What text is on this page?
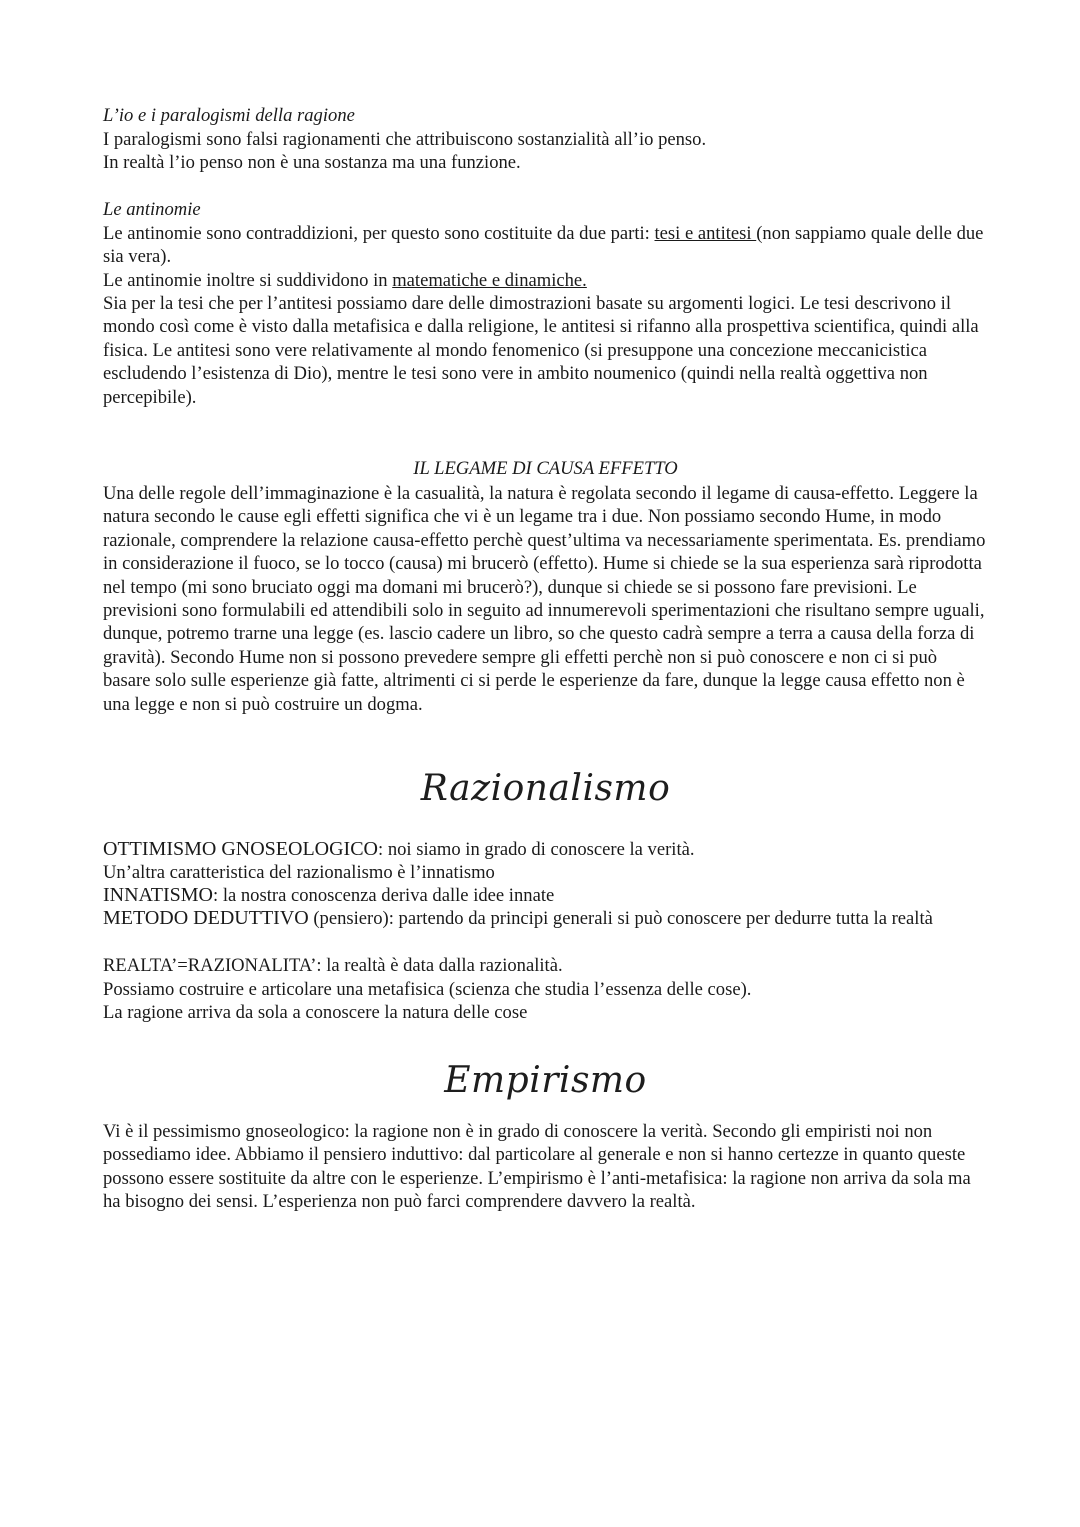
L’io e i paralogismi della ragione

I paralogismi sono falsi ragionamenti che attribuiscono sostanzialità all’io penso.

In realtà l’io penso non è una sostanza ma una funzione.

Le antinomie

Le antinomie sono contraddizioni, per questo sono costituite da due parti: tesi e antitesi (non sappiamo quale delle due sia vera).

Le antinomie inoltre si suddividono in matematiche e dinamiche.

Sia per la tesi che per l’antitesi possiamo dare delle dimostrazioni basate su argomenti logici. Le tesi descrivono il mondo così come è visto dalla metafisica e dalla religione, le antitesi si rifanno alla prospettiva scientifica, quindi alla fisica. Le antitesi sono vere relativamente al mondo fenomenico (si presuppone una concezione meccanicistica escludendo l’esistenza di Dio), mentre le tesi sono vere in ambito noumenico (quindi nella realtà oggettiva non percepibile).

IL LEGAME DI CAUSA EFFETTO

Una delle regole dell’immaginazione è la casualità, la natura è regolata secondo il legame di causa-effetto. Leggere la natura secondo le cause egli effetti significa che vi è un legame tra i due. Non possiamo secondo Hume, in modo razionale, comprendere la relazione causa-effetto perchè quest’ultima va necessariamente sperimentata. Es. prendiamo in considerazione il fuoco, se lo tocco (causa) mi brucerò (effetto). Hume si chiede se la sua esperienza sarà riprodotta nel tempo (mi sono bruciato oggi ma domani mi brucerò?), dunque si chiede se si possono fare previsioni. Le previsioni sono formulabili ed attendibili solo in seguito ad innumerevoli sperimentazioni che risultano sempre uguali, dunque, potremo trarne una legge (es. lascio cadere un libro, so che questo cadrà sempre a terra a causa della forza di gravità). Secondo Hume non si possono prevedere sempre gli effetti perchè non si può conoscere e non ci si può basare solo sulle esperienze già fatte, altrimenti ci si perde le esperienze da fare, dunque la legge causa effetto non è una legge e non si può costruire un dogma.

Razionalismo

OTTIMISMO GNOSEOLOGICO: noi siamo in grado di conoscere la verità.

Un’altra caratteristica del razionalismo è l’innatismo

INNATISMO: la nostra conoscenza deriva dalle idee innate

METODO DEDUTTIVO (pensiero): partendo da principi generali si può conoscere per dedurre tutta la realtà

REALTA’=RAZIONALITA’: la realtà è data dalla razionalità.

Possiamo costruire e articolare una metafisica (scienza che studia l’essenza delle cose).

La ragione arriva da sola a conoscere la natura delle cose

Empirismo

Vi è il pessimismo gnoseologico: la ragione non è in grado di conoscere la verità. Secondo gli empiristi noi non possediamo idee. Abbiamo il pensiero induttivo: dal particolare al generale e non si hanno certezze in quanto queste possono essere sostituite da altre con le esperienze. L’empirismo è l’anti-metafisica: la ragione non arriva da sola ma ha bisogno dei sensi. L’esperienza non può farci comprendere davvero la realtà.
